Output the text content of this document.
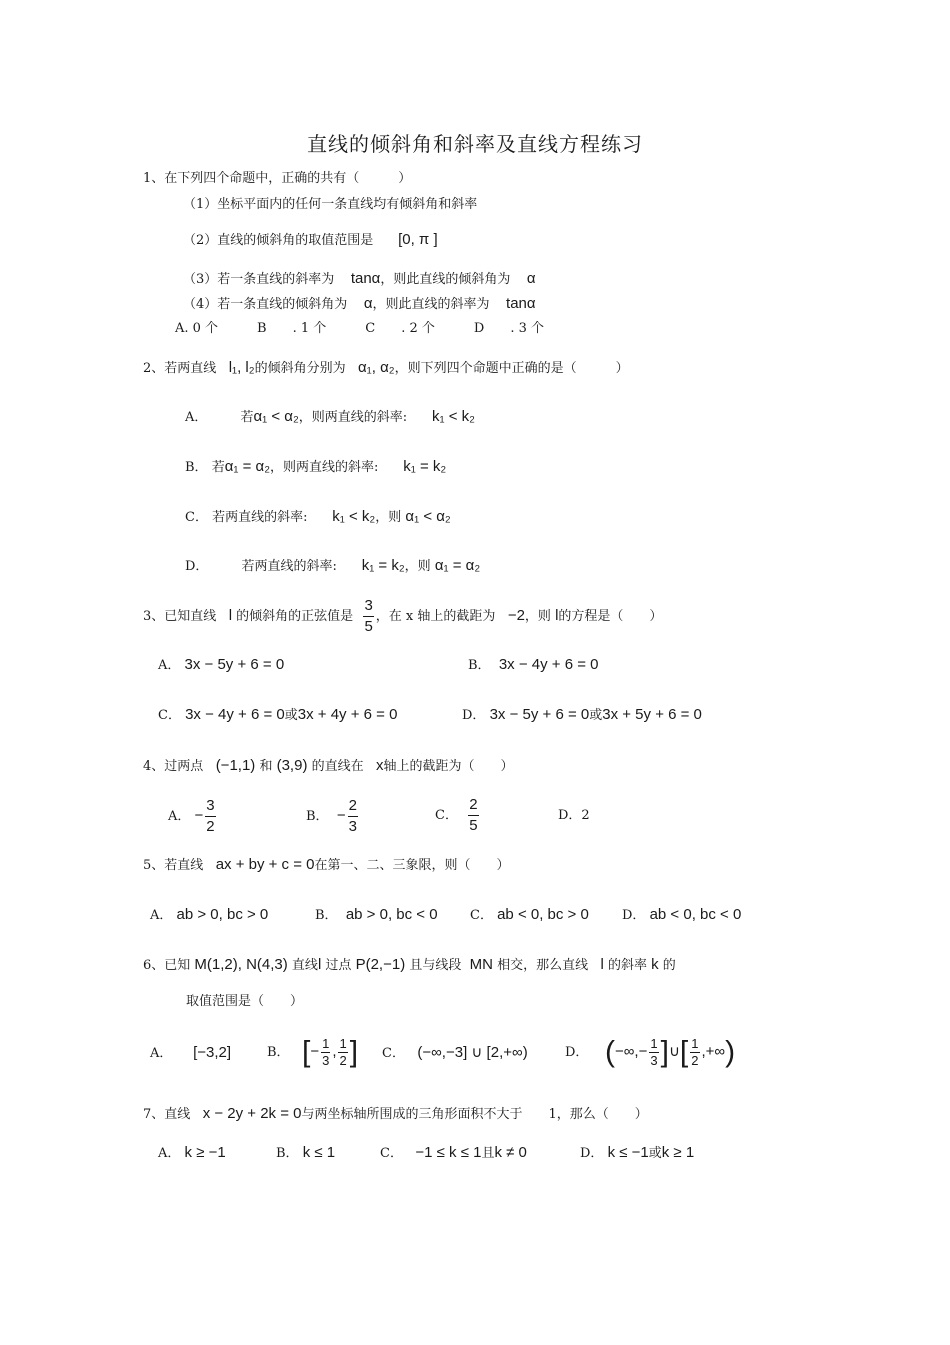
直线的倾斜角和斜率及直线方程练习
1、在下列四个命题中，正确的共有（　　　）
（1）坐标平面内的任何一条直线均有倾斜角和斜率
（2）直线的倾斜角的取值范围是 [0, π ]
（3）若一条直线的斜率为 tanα，则此直线的倾斜角为 α
（4）若一条直线的倾斜角为 α，则此直线的斜率为 tanα
A. 0 个　　　B　　. 1 个　　　C　　. 2 个　　　D　　. 3 个
2、若两直线 l₁, l₂的倾斜角分别为 α₁, α₂，则下列四个命题中正确的是（　　　）
A．	若α₁ < α₂，则两直线的斜率: k₁ < k₂
B． 若α₁ = α₂，则两直线的斜率: k₁ = k₂
C． 若两直线的斜率: k₁ < k₂，则 α₁ < α₂
D．	若两直线的斜率: k₁ = k₂，则 α₁ = α₂
3、已知直线 l 的倾斜角的正弦值是 $\frac{3}{5}$ ，在 x 轴上的截距为 −2，则 l的方程是（　　）
A． 3x − 5y + 6 = 0	B． 3x − 4y + 6 = 0
C． 3x − 4y + 6 = 0或3x + 4y + 6 = 0	D． 3x − 5y + 6 = 0或3x + 5y + 6 = 0
4、过两点 (−1,1) 和 (3,9) 的直线在 x轴上的截距为（　　）
A． − $\frac{3}{2}$	B． − $\frac{2}{3}$	C． $\frac{2}{5}$	D．2
5、若直线 ax + by + c = 0在第一、二、三象限，则（　　）
A． ab > 0, bc > 0	B． ab > 0, bc < 0 C． ab < 0, bc > 0	D． ab < 0, bc < 0
6、已知 M(1,2), N(4,3) 直线l 过点 P(2,−1) 且与线段 MN 相交，那么直线 l 的斜率 k 的
取值范围是（　　）
A． [−3,2]	B． [− $\frac{1}{3}$ , $\frac{1}{2}$ ] C． (−∞,−3] ∪ [2,+∞)	D． (−∞,− $\frac{1}{3}$ ]∪[ $\frac{1}{2}$ ,+∞)
7、直线 x − 2y + 2k = 0与两坐标轴所围成的三角形面积不大于　　1，那么（　　）
A． k ≥ −1	B． k ≤ 1	C． −1 ≤ k ≤ 1且k ≠ 0	D． k ≤ −1或k ≥ 1
